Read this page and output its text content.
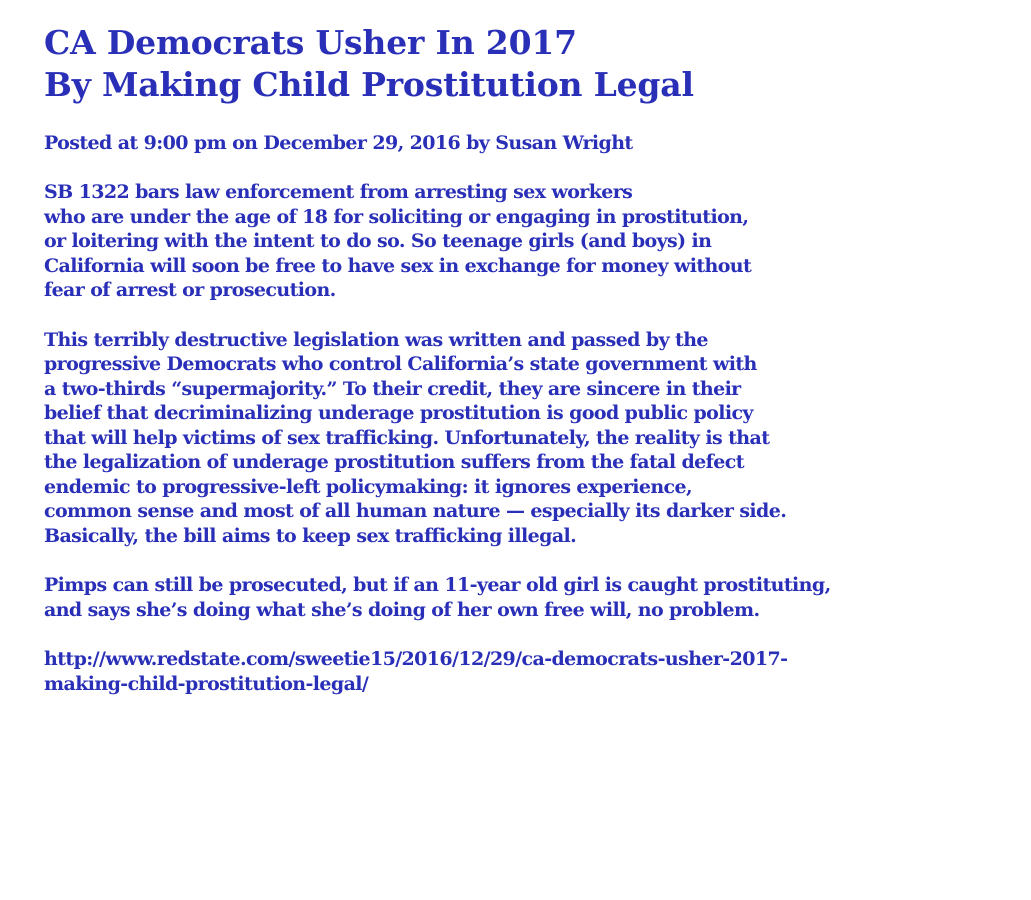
CA Democrats Usher In 2017
By Making Child Prostitution Legal

Posted at 9:00 pm on December 29, 2016 by Susan Wright

SB 1322 bars law enforcement from arresting sex workers
who are under the age of 18 for soliciting or engaging in prostitution,
or loitering with the intent to do so. So teenage girls (and boys) in
California will soon be free to have sex in exchange for money without
fear of arrest or prosecution.

This terribly destructive legislation was written and passed by the
progressive Democrats who control California’s state government with
a two-thirds “supermajority.” To their credit, they are sincere in their
belief that decriminalizing underage prostitution is good public policy
that will help victims of sex trafficking. Unfortunately, the reality is that
the legalization of underage prostitution suffers from the fatal defect
endemic to progressive-left policymaking: it ignores experience,
common sense and most of all human nature — especially its darker side.
Basically, the bill aims to keep sex trafficking illegal.

Pimps can still be prosecuted, but if an 11-year old girl is caught prostituting,
and says she’s doing what she’s doing of her own free will, no problem.

http://www.redstate.com/sweetie15/2016/12/29/ca-democrats-usher-2017-
making-child-prostitution-legal/
